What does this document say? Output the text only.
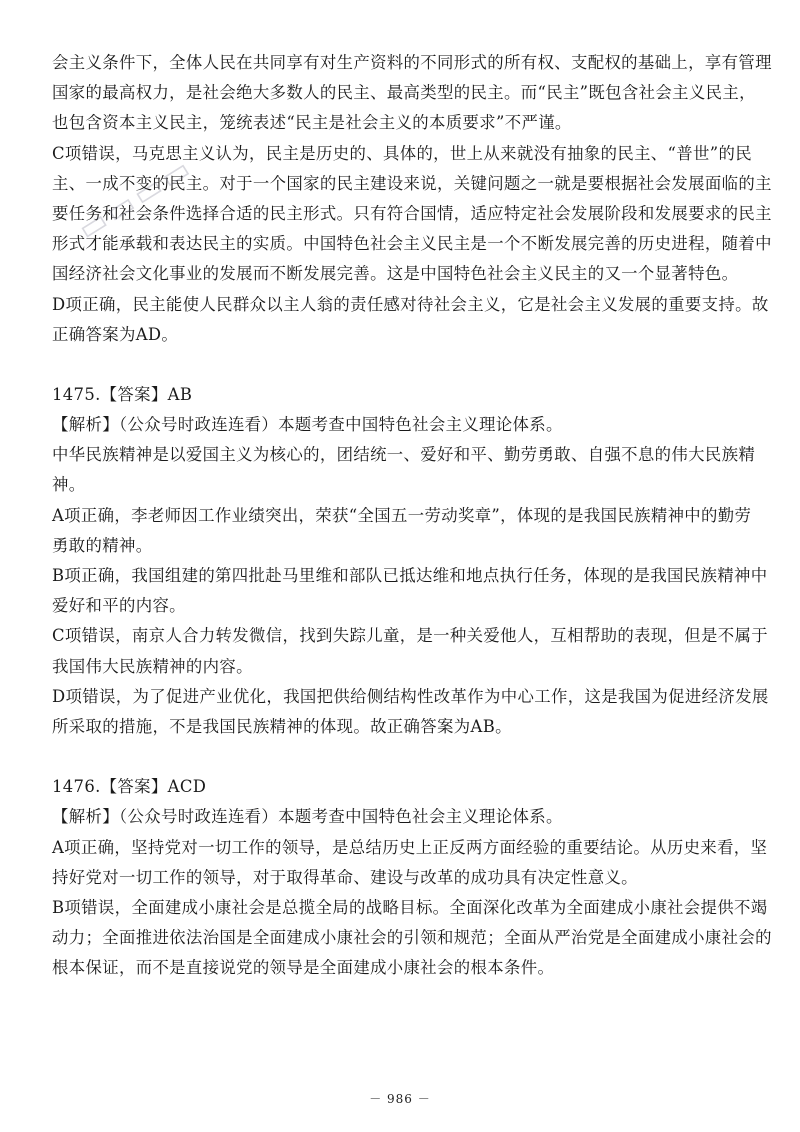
会主义条件下，全体人民在共同享有对生产资料的不同形式的所有权、支配权的基础上，享有管理
国家的最高权力，是社会绝大多数人的民主、最高类型的民主。而“民主”既包含社会主义民主，
也包含资本主义民主，笼统表述“民主是社会主义的本质要求”不严谨。
C项错误，马克思主义认为，民主是历史的、具体的，世上从来就没有抽象的民主、“普世”的民
主、一成不变的民主。对于一个国家的民主建设来说，关键问题之一就是要根据社会发展面临的主
要任务和社会条件选择合适的民主形式。只有符合国情，适应特定社会发展阶段和发展要求的民主
形式才能承载和表达民主的实质。中国特色社会主义民主是一个不断发展完善的历史进程，随着中
国经济社会文化事业的发展而不断发展完善。这是中国特色社会主义民主的又一个显著特色。
D项正确，民主能使人民群众以主人翁的责任感对待社会主义，它是社会主义发展的重要支持。故
正确答案为AD。
1475.【答案】AB
【解析】（公众号时政连连看）本题考查中国特色社会主义理论体系。
中华民族精神是以爱国主义为核心的，团结统一、爱好和平、勤劳勇敢、自强不息的伟大民族精
神。
A项正确，李老师因工作业绩突出，荣获“全国五一劳动奖章”，体现的是我国民族精神中的勤劳
勇敢的精神。
B项正确，我国组建的第四批赴马里维和部队已抵达维和地点执行任务，体现的是我国民族精神中
爱好和平的内容。
C项错误，南京人合力转发微信，找到失踪儿童，是一种关爱他人，互相帮助的表现，但是不属于
我国伟大民族精神的内容。
D项错误，为了促进产业优化，我国把供给侧结构性改革作为中心工作，这是我国为促进经济发展
所采取的措施，不是我国民族精神的体现。故正确答案为AB。
1476.【答案】ACD
【解析】（公众号时政连连看）本题考查中国特色社会主义理论体系。
A项正确，坚持党对一切工作的领导，是总结历史上正反两方面经验的重要结论。从历史来看，坚
持好党对一切工作的领导，对于取得革命、建设与改革的成功具有决定性意义。
B项错误，全面建成小康社会是总揽全局的战略目标。全面深化改革为全面建成小康社会提供不竭
动力；全面推进依法治国是全面建成小康社会的引领和规范；全面从严治党是全面建成小康社会的
根本保证，而不是直接说党的领导是全面建成小康社会的根本条件。
▭▭▭▭
－ 986 －
